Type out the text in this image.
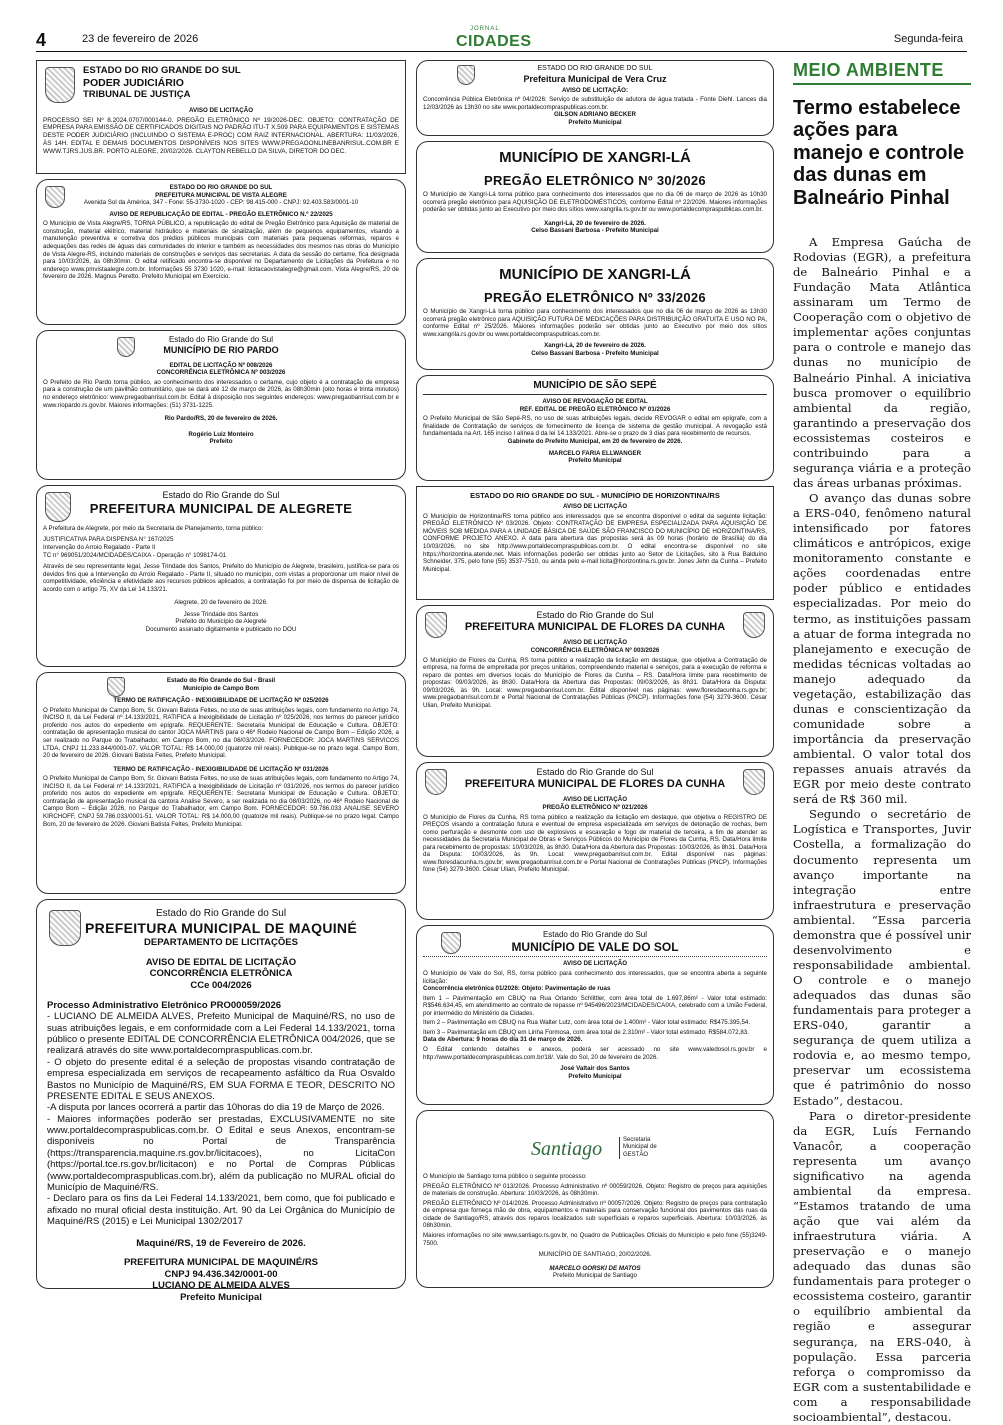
4	23 de fevereiro de 2026
JORNAL
CIDADES	Segunda-feira
ESTADO DO RIO GRANDE DO SUL
PODER JUDICIÁRIO
TRIBUNAL DE JUSTIÇA
AVISO DE LICITAÇÃO
PROCESSO SEI Nº 8.2024.0707/000144-0. PREGÃO ELETRÔNICO Nº 19/2026-DEC. OBJETO: CONTRATAÇÃO DE EMPRESA PARA EMISSÃO DE CERTIFICADOS DIGITAIS NO PADRÃO ITU-T X.509 PARA EQUIPAMENTOS E SISTEMAS DESTE PODER JUDICIÁRIO (INCLUINDO O SISTEMA E-PROC) COM RAIZ INTERNACIONAL. ABERTURA: 11/03/2026, ÀS 14H. EDITAL E DEMAIS DOCUMENTOS DISPONÍVEIS NOS SITES WWW.PREGAOONLINEBANRISUL.COM.BR E WWW.TJRS.JUS.BR. PORTO ALEGRE, 20/02/2026. CLAYTON REBELLO DA SILVA, DIRETOR DO DEC.
ESTADO DO RIO GRANDE DO SUL
PREFEITURA MUNICIPAL DE VISTA ALEGRE
Avenida Sol da América, 347 - Fone: 55-3730-1020 - CEP: 98.415-000 - CNPJ: 92.403.583/0001-10
AVISO DE REPUBLICAÇÃO DE EDITAL - PREGÃO ELETRÔNICO N.º 22/2025
O Município de Vista Alegre/RS, TORNA PÚBLICO, a republicação do edital de Pregão Eletrônico para Aquisição de material de construção, material elétrico, material hidráulico e materiais de sinalização, além de pequenos equipamentos, visando a manutenção preventiva e corretiva dos prédios públicos municipais com materiais para pequenas reformas, reparos e adequações das redes de águas das comunidades do interior e também as necessidades dos mesmos nas obras do Município de Vista Alegre-RS, incluindo materiais de construções e serviços das secretarias. A data da sessão do certame, fica designada para 10/03/2026, às 08h30min. O edital retificado encontra-se disponível no Departamento de Licitações da Prefeitura e no endereço www.pmvistaalegre.com.br. Informações 55 3730 1020, e-mail: licitacaovistalegre@gmail.com. Vista Alegre/RS, 20 de fevereiro de 2026. Magnus Peretto. Prefeito Municipal em Exercício.
Estado do Rio Grande do Sul
MUNICÍPIO DE RIO PARDO
EDITAL DE LICITAÇÃO Nº 008/2026
CONCORRÊNCIA ELETRÔNICA Nº 003/2026
O Prefeito de Rio Pardo torna público, ao conhecimento dos interessados o certame, cujo objeto é a contratação de empresa para a construção de um pavilhão comunitário, que se dará até 12 de março de 2026, às 08h30min (oito horas e trinta minutos) no endereço eletrônico: www.pregaobanrisul.com.br. Edital à disposição nos seguintes endereços: www.pregaobanrisul.com.br e www.riopardo.rs.gov.br. Maiores informações: (51) 3731-1225.
Rio Pardo/RS, 20 de fevereiro de 2026.
Rogério Luiz Monteiro
Prefeito
Estado do Rio Grande do Sul
PREFEITURA MUNICIPAL DE ALEGRETE
A Prefeitura de Alegrete, por meio da Secretaria de Planejamento, torna público:
JUSTIFICATIVA PARA DISPENSA N° 167/2025
Intervenção do Arroio Regalado - Parte II
TC n° 969051/2024/MCIDADES/CAIXA - Operação n° 1098174-01
Através de seu representante legal, Jesse Trindade dos Santos, Prefeito do Município de Alegrete, brasileiro, justifica-se para os devidos fins que a Intervenção do Arroio Regalado - Parte II, situado no município, com vistas a proporcionar um maior nível de competitividade, eficiência e efetividade aos recursos públicos aplicados, a contratação foi por meio de dispensa de licitação de acordo com o artigo 75, XV da Lei 14.133/21.
Alegrete, 20 de fevereiro de 2026.
Jesse Trindade dos Santos
Prefeito do Município de Alegrete
Documento assinado digitalmente e publicado no DOU
Estado do Rio Grande do Sul - Brasil
Município de Campo Bom
TERMO DE RATIFICAÇÃO - INEXIGIBILIDADE DE LICITAÇÃO Nº 025/2026
O Prefeito Municipal de Campo Bom, Sr. Giovani Batista Feltes, no uso de suas atribuições legais, com fundamento no Artigo 74, INCISO II, da Lei Federal nº 14.133/2021, RATIFICA a Inexigibilidade de Licitação nº 025/2026, nos termos do parecer jurídico proferido nos autos do expediente em epígrafe. REQUERENTE: Secretaria Municipal de Educação e Cultura. OBJETO: contratação de apresentação musical do cantor JOCA MARTINS para o 46º Rodeio Nacional de Campo Bom – Edição 2026, a ser realizado no Parque do Trabalhador, em Campo Bom, no dia 06/03/2026. FORNECEDOR: JOCA MARTINS SERVICOS LTDA, CNPJ 11.233.844/0001-07. VALOR TOTAL: R$ 14.000,00 (quatorze mil reais). Publique-se no prazo legal. Campo Bom, 20 de fevereiro de 2026. Giovani Batista Feltes, Prefeito Municipal.
TERMO DE RATIFICAÇÃO - INEXIGIBILIDADE DE LICITAÇÃO Nº 031/2026
O Prefeito Municipal de Campo Bom, Sr. Giovani Batista Feltes, no uso de suas atribuições legais, com fundamento no Artigo 74, INCISO II, da Lei Federal nº 14.133/2021, RATIFICA a Inexigibilidade de Licitação nº 031/2026, nos termos do parecer jurídico proferido nos autos do expediente em epígrafe. REQUERENTE: Secretaria Municipal de Educação e Cultura. OBJETO: contratação de apresentação musical da cantora Analise Severo, a ser realizada no dia 08/03/2026, no 46º Rodeio Nacional de Campo Bom – Edição 2026, no Parque do Trabalhador, em Campo Bom. FORNECEDOR: 59.786.033 ANALISE SEVERO KIRCHOFF, CNPJ 59.786.033/0001-51. VALOR TOTAL: R$ 14.000,00 (quatorze mil reais). Publique-se no prazo legal. Campo Bom, 20 de fevereiro de 2026. Giovani Batista Feltes, Prefeito Municipal.
Estado do Rio Grande do Sul
PREFEITURA MUNICIPAL DE MAQUINÉ
DEPARTAMENTO DE LICITAÇÕES
AVISO DE EDITAL DE LICITAÇÃO
CONCORRÊNCIA ELETRÔNICA
CCe 004/2026
Processo Administrativo Eletrônico PRO00059/2026
- LUCIANO DE ALMEIDA ALVES, Prefeito Municipal de Maquiné/RS, no uso de suas atribuições legais, e em conformidade com a Lei Federal 14.133/2021, torna público o presente EDITAL DE CONCORRÊNCIA ELETRÔNICA 004/2026, que se realizará através do site www.portaldecompraspublicas.com.br.
- O objeto do presente edital é a seleção de propostas visando contratação de empresa especializada em serviços de recapeamento asfáltico da Rua Osvaldo Bastos no Município de Maquiné/RS, EM SUA FORMA E TEOR, DESCRITO NO PRESENTE EDITAL E SEUS ANEXOS.
-A disputa por lances ocorrerá a partir das 10horas do dia 19 de Março de 2026.
- Maiores informações poderão ser prestadas, EXCLUSIVAMENTE no site www.portaldecompraspublicas.com.br. O Edital e seus Anexos, encontram-se disponíveis no Portal de Transparência (https://transparencia.maquine.rs.gov.br/licitacoes), no LicitaCon (https://portal.tce.rs.gov.br/licitacon) e no Portal de Compras Públicas (www.portaldecompraspublicas.com.br), além da publicação no MURAL oficial do Município de Maquiné/RS.
- Declaro para os fins da Lei Federal 14.133/2021, bem como, que foi publicado e afixado no mural oficial desta instituição. Art. 90 da Lei Orgânica do Município de Maquiné/RS (2015) e Lei Municipal 1302/2017
Maquiné/RS, 19 de Fevereiro de 2026.
PREFEITURA MUNICIPAL DE MAQUINÉ/RS
CNPJ 94.436.342/0001-00
LUCIANO DE ALMEIDA ALVES
Prefeito Municipal
ESTADO DO RIO GRANDE DO SUL
Prefeitura Municipal de Vera Cruz
AVISO DE LICITAÇÃO:
Concorrência Pública Eletrônica nº 04/2026: Serviço de substituição de adutora de água tratada - Fonte Diehl. Lances dia 12/03/2026 às 13h30 no site www.portaldecompraspublicas.com.br.
GILSON ADRIANO BECKER
Prefeito Municipal
MUNICÍPIO DE XANGRI-LÁ
PREGÃO ELETRÔNICO Nº 30/2026
O Município de Xangri-Lá torna público para conhecimento dos interessados que no dia 06 de março de 2026 às 10h30 ocorrerá pregão eletrônico para AQUISIÇÃO DE ELETRODOMÉSTICOS, conforme Edital nº 22/2026. Maiores informações poderão ser obtidas junto ao Executivo por meio dos sítios www.xangrila.rs.gov.br ou www.portaldecompraspublicas.com.br.
Xangri-Lá, 20 de fevereiro de 2026.
Celso Bassani Barbosa - Prefeito Municipal
MUNICÍPIO DE XANGRI-LÁ
PREGÃO ELETRÔNICO Nº 33/2026
O Município de Xangri-Lá torna público para conhecimento dos interessados que no dia 06 de março de 2026 às 13h30 ocorrerá pregão eletrônico para AQUISIÇÃO FUTURA DE MEDICAÇÕES PARA DISTRIBUIÇÃO GRATUITA E USO NO PA, conforme Edital nº 25/2026. Maiores informações poderão ser obtidas junto ao Executivo por meio dos sítios www.xangrila.rs.gov.br ou www.portaldecompraspublicas.com.br.
Xangri-Lá, 20 de fevereiro de 2026.
Celso Bassani Barbosa - Prefeito Municipal
MUNICÍPIO DE SÃO SEPÉ
AVISO DE REVOGAÇÃO DE EDITAL
REF. EDITAL DE PREGÃO ELETRÔNICO Nº 01/2026
O Prefeito Municipal de São Sepé-RS, no uso de suas atribuições legais, decide REVOGAR o edital em epígrafe, com a finalidade de Contratação de serviços de fornecimento de licença de sistema de gestão municipal. A revogação está fundamentada na Art. 165 inciso I alínea d da lei 14.133/2021. Abre-se o prazo de 3 dias para recebimento de recursos.
Gabinete do Prefeito Municipal, em 20 de fevereiro de 2026.
MARCELO FARIA ELLWANGER
Prefeito Municipal
ESTADO DO RIO GRANDE DO SUL - MUNICÍPIO DE HORIZONTINA/RS
AVISO DE LICITAÇÃO
O Município de Horizontina/RS torna público aos interessados que se encontra disponível o edital da seguinte licitação: PREGÃO ELETRÔNICO Nº 03/2026. Objeto: CONTRATAÇÃO DE EMPRESA ESPECIALIZADA PARA AQUISIÇÃO DE MÓVEIS SOB MEDIDA PARA A UNIDADE BÁSICA DE SAÚDE SÃO FRANCISCO DO MUNICÍPIO DE HORIZONTINA/RS, CONFORME PROJETO ANEXO. A data para abertura das propostas será às 09 horas (horário de Brasília) do dia 10/03/2026, no site http://www.portaldecompraspublicas.com.br. O edital encontra-se disponível no site https://horizontina.atende.net. Mais informações poderão ser obtidas junto ao Setor de Licitações, sito à Rua Balduíno Schneider, 375, pelo fone (55) 3537-7510, ou ainda pelo e-mail licita@horizontina.rs.gov.br. Jones Jehn da Cunha – Prefeito Municipal.
Estado do Rio Grande do Sul
PREFEITURA MUNICIPAL DE FLORES DA CUNHA
AVISO DE LICITAÇÃO
CONCORRÊNCIA ELETRÔNICA Nº 003/2026
O Município de Flores da Cunha, RS torna público a realização da licitação em destaque, que objetiva a Contratação de empresa, na forma de empreitada por preços unitários, compreendendo material e serviços, para a execução de reforma e reparo de pontes em diversos locais do Município de Flores da Cunha – RS. Data/Hora limite para recebimento de propostas: 09/03/2026, às 8h30. Data/Hora da Abertura das Propostas: 09/03/2026, às 8h31. Data/Hora da Disputa: 09/03/2026, às 9h. Local: www.pregaobanrisul.com.br. Edital disponível nas páginas: www.floresdacunha.rs.gov.br; www.pregaobanrisul.com.br e Portal Nacional de Contratações Públicas (PNCP). Informações fone (54) 3279-3600. César Ulian, Prefeito Municipal.
Estado do Rio Grande do Sul
PREFEITURA MUNICIPAL DE FLORES DA CUNHA
AVISO DE LICITAÇÃO
PREGÃO ELETRÔNICO Nº 021/2026
O Município de Flores da Cunha, RS torna público a realização da licitação em destaque, que objetiva o REGISTRO DE PREÇOS visando a contratação futura e eventual de empresa especializada em serviços de detonação de rochas, bem como perfuração e desmonte com uso de explosivos e escavação e fogo de material de terceira, a fim de atender as necessidades da Secretaria Municipal de Obras e Serviços Públicos do Município de Flores da Cunha, RS. Data/Hora limite para recebimento de propostas: 10/03/2026, às 8h30. Data/Hora da Abertura das Propostas: 10/03/2026, às 8h31. Data/Hora da Disputa: 10/03/2026, às 9h. Local: www.pregaobanrisul.com.br. Edital disponível nas páginas: www.floresdacunha.rs.gov.br; www.pregaobanrisul.com.br e Portal Nacional de Contratações Públicas (PNCP). Informações fone (54) 3279-3600. César Ulian, Prefeito Municipal.
Estado do Rio Grande do Sul
MUNICÍPIO DE VALE DO SOL
AVISO DE LICITAÇÃO
O Município de Vale do Sol, RS, torna público para conhecimento dos interessados, que se encontra aberta a seguinte licitação:
Concorrência eletrônica 01/2026: Objeto: Pavimentação de ruas
Item 1 – Pavimentação em CBUQ na Rua Orlando Schlittler, com área total de 1.697,86m² - Valor total estimado: R$546.634,45, em atendimento ao contrato de repasse nº 945496/2023/MCIDADES/CAIXA, celebrado com a União Federal, por intermédio do Ministério da Cidades.
Item 2 – Pavimentação em CBUQ na Rua Walter Lutz, com área total de 1.400m² - Valor total estimado: R$475.395,54.
Item 3 – Pavimentação em CBUQ em Linha Formosa, com área total de 2.310m² - Valor total estimado: R$584.072,83.
Data de Abertura: 9 horas do dia 31 de março de 2026.
O Edital contendo detalhes e anexos, poderá ser acessado no site www.valedosol.rs.gov.br e http://www.portaldecompraspublicas.com.br/18/. Vale do Sol, 20 de fevereiro de 2026.
José Valtair dos Santos
Prefeito Municipal
Santiago	Secretaria Municipal de GESTÃO
O Município de Santiago torna público o seguinte processo:
PREGÃO ELETRÔNICO Nº 013/2026. Processo Administrativo nº 00059/2026. Objeto: Registro de preços para aquisições de materiais de construção. Abertura: 10/03/2026, às 08h30min.
PREGÃO ELETRÔNICO Nº 014/2026. Processo Administrativo nº 00057/2026. Objeto: Registro de preços para contratação de empresa que forneça mão de obra, equipamentos e materiais para conservação funcional dos pavimentos das ruas da cidade de Santiago/RS, através dos reparos localizados sub superficiais e reparos superficiais. Abertura: 10/03/2026, às 08h30min.
Maiores informações no site www.santiago.rs.gov.br, no Quadro de Publicações Oficiais do Município e pelo fone (55)3249-7500.
MUNICÍPIO DE SANTIAGO, 20/02/2026.
MARCELO GORSKI DE MATOS
Prefeito Municipal de Santiago
MEIO AMBIENTE
Termo estabelece ações para manejo e controle das dunas em Balneário Pinhal

A Empresa Gaúcha de Rodovias (EGR), a prefeitura de Balneário Pinhal e a Fundação Mata Atlântica assinaram um Termo de Cooperação com o objetivo de implementar ações conjuntas para o controle e manejo das dunas no município de Balneário Pinhal. A iniciativa busca promover o equilíbrio ambiental da região, garantindo a preservação dos ecossistemas costeiros e contribuindo para a segurança viária e a proteção das áreas urbanas próximas.

O avanço das dunas sobre a ERS-040, fenômeno natural intensificado por fatores climáticos e antrópicos, exige monitoramento constante e ações coordenadas entre poder público e entidades especializadas. Por meio do termo, as instituições passam a atuar de forma integrada no planejamento e execução de medidas técnicas voltadas ao manejo adequado da vegetação, estabilização das dunas e conscientização da comunidade sobre a importância da preservação ambiental. O valor total dos repasses anuais através da EGR por meio deste contrato será de R$ 360 mil.

Segundo o secretário de Logística e Transportes, Juvir Costella, a formalização do documento representa um avanço importante na integração entre infraestrutura e preservação ambiental. “Essa parceria demonstra que é possível unir desenvolvimento e responsabilidade ambiental. O controle e o manejo adequados das dunas são fundamentais para proteger a ERS-040, garantir a segurança de quem utiliza a rodovia e, ao mesmo tempo, preservar um ecossistema que é patrimônio do nosso Estado”, destacou.

Para o diretor-presidente da EGR, Luís Fernando Vanacôr, a cooperação representa um avanço significativo na agenda ambiental da empresa. “Estamos tratando de uma ação que vai além da infraestrutura viária. A preservação e o manejo adequado das dunas são fundamentais para proteger o ecossistema costeiro, garantir o equilíbrio ambiental da região e assegurar segurança, na ERS-040, à população. Essa parceria reforça o compromisso da EGR com a sustentabilidade e com a responsabilidade socioambiental”, destacou.
